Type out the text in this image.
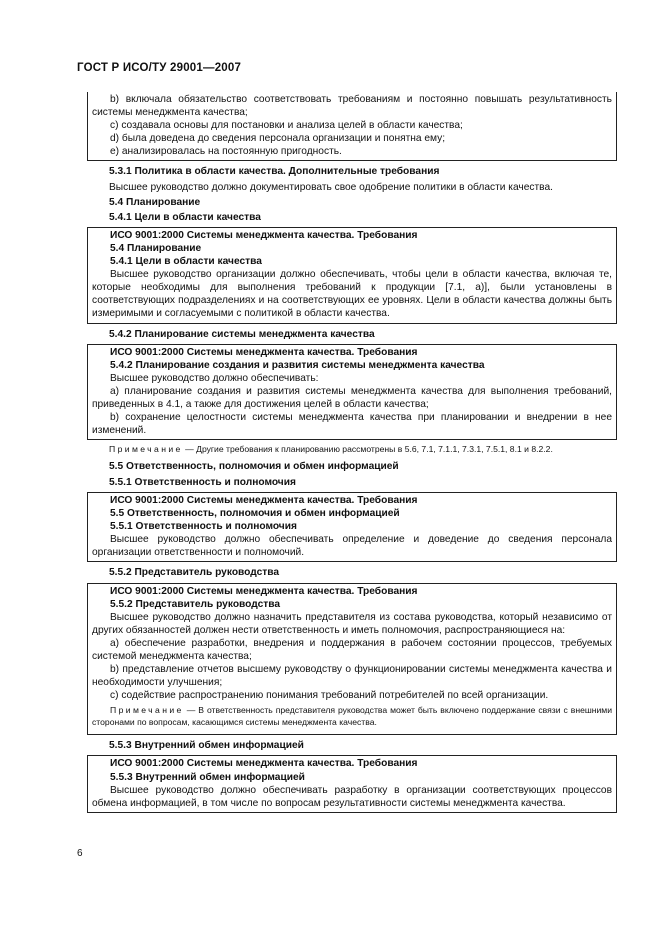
ГОСТ Р ИСО/ТУ 29001—2007

b) включала обязательство соответствовать требованиям и постоянно повышать результативность системы менеджмента качества;

c) создавала основы для постановки и анализа целей в области качества;

d) была доведена до сведения персонала организации и понятна ему;

e) анализировалась на постоянную пригодность.

5.3.1 Политика в области качества. Дополнительные требования

Высшее руководство должно документировать свое одобрение политики в области качества.

5.4 Планирование

5.4.1 Цели в области качества

ИСО 9001:2000 Системы менеджмента качества. Требования

5.4 Планирование

5.4.1 Цели в области качества

Высшее руководство организации должно обеспечивать, чтобы цели в области качества, включая те, которые необходимы для выполнения требований к продукции [7.1, а)], были установлены в соответствующих подразделениях и на соответствующих ее уровнях. Цели в области качества должны быть измеримыми и согласуемыми с политикой в области качества.

5.4.2 Планирование системы менеджмента качества

ИСО 9001:2000 Системы менеджмента качества. Требования

5.4.2 Планирование создания и развития системы менеджмента качества

Высшее руководство должно обеспечивать:

а) планирование создания и развития системы менеджмента качества для выполнения требований, приведенных в 4.1, а также для достижения целей в области качества;

b) сохранение целостности системы менеджмента качества при планировании и внедрении в нее изменений.

Примечание — Другие требования к планированию рассмотрены в 5.6, 7.1, 7.1.1, 7.3.1, 7.5.1, 8.1 и 8.2.2.

5.5 Ответственность, полномочия и обмен информацией

5.5.1 Ответственность и полномочия

ИСО 9001:2000 Системы менеджмента качества. Требования

5.5 Ответственность, полномочия и обмен информацией

5.5.1 Ответственность и полномочия

Высшее руководство должно обеспечивать определение и доведение до сведения персонала организации ответственности и полномочий.

5.5.2 Представитель руководства

ИСО 9001:2000 Системы менеджмента качества. Требования

5.5.2 Представитель руководства

Высшее руководство должно назначить представителя из состава руководства, который независимо от других обязанностей должен нести ответственность и иметь полномочия, распространяющиеся на:

а) обеспечение разработки, внедрения и поддержания в рабочем состоянии процессов, требуемых системой менеджмента качества;

b) представление отчетов высшему руководству о функционировании системы менеджмента качества и необходимости улучшения;

c) содействие распространению понимания требований потребителей по всей организации.

Примечание — В ответственность представителя руководства может быть включено поддержание связи с внешними сторонами по вопросам, касающимся системы менеджмента качества.

5.5.3 Внутренний обмен информацией

ИСО 9001:2000 Системы менеджмента качества. Требования

5.5.3 Внутренний обмен информацией

Высшее руководство должно обеспечивать разработку в организации соответствующих процессов обмена информацией, в том числе по вопросам результативности системы менеджмента качества.

6
